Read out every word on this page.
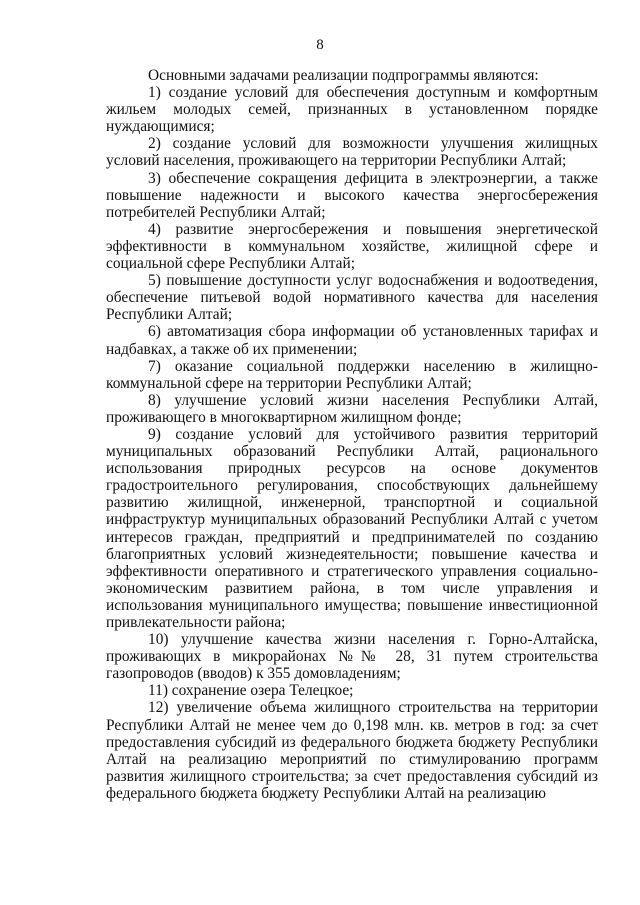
8

Основными задачами реализации подпрограммы являются:

1) создание условий для обеспечения доступным и комфортным жильем молодых семей, признанных в установленном порядке нуждающимися;

2) создание условий для возможности улучшения жилищных условий населения, проживающего на территории Республики Алтай;

3) обеспечение сокращения дефицита в электроэнергии, а также повышение надежности и высокого качества энергосбережения потребителей Республики Алтай;

4) развитие энергосбережения и повышения энергетической эффективности в коммунальном хозяйстве, жилищной сфере и социальной сфере Республики Алтай;

5) повышение доступности услуг водоснабжения и водоотведения, обеспечение питьевой водой нормативного качества для населения Республики Алтай;

6) автоматизация сбора информации об установленных тарифах и надбавках, а также об их применении;

7) оказание социальной поддержки населению в жилищно-коммунальной сфере на территории Республики Алтай;

8) улучшение условий жизни населения Республики Алтай, проживающего в многоквартирном жилищном фонде;

9) создание условий для устойчивого развития территорий муниципальных образований Республики Алтай, рационального использования природных ресурсов на основе документов градостроительного регулирования, способствующих дальнейшему развитию жилищной, инженерной, транспортной и социальной инфраструктур муниципальных образований Республики Алтай с учетом интересов граждан, предприятий и предпринимателей по созданию благоприятных условий жизнедеятельности; повышение качества и эффективности оперативного и стратегического управления социально-экономическим развитием района, в том числе управления и использования муниципального имущества; повышение инвестиционной привлекательности района;

10) улучшение качества жизни населения г. Горно-Алтайска, проживающих в микрорайонах №№ 28, 31 путем строительства газопроводов (вводов) к 355 домовладениям;

11) сохранение озера Телецкое;

12) увеличение объема жилищного строительства на территории Республики Алтай не менее чем до 0,198 млн. кв. метров в год: за счет предоставления субсидий из федерального бюджета бюджету Республики Алтай на реализацию мероприятий по стимулированию программ развития жилищного строительства; за счет предоставления субсидий из федерального бюджета бюджету Республики Алтай на реализацию
